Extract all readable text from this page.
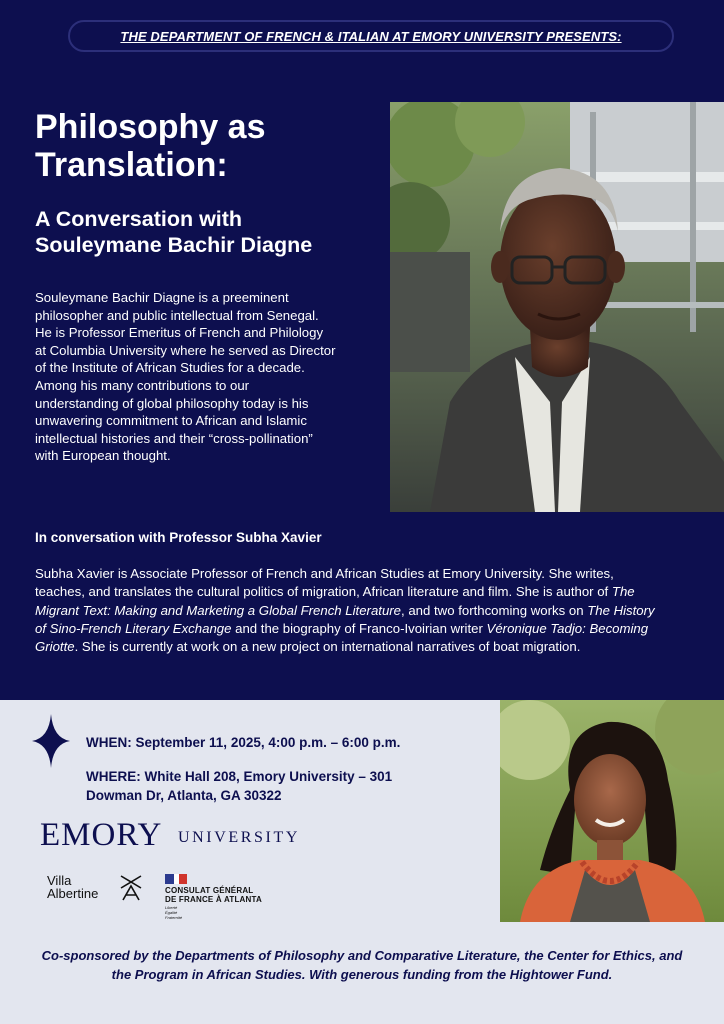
THE DEPARTMENT OF FRENCH & ITALIAN AT EMORY UNIVERSITY PRESENTS:
Philosophy as
Translation:
A Conversation with
Souleymane Bachir Diagne
Souleymane Bachir Diagne is a preeminent
philosopher and public intellectual from Senegal.
He is Professor Emeritus of French and Philology
at Columbia University where he served as Director
of the Institute of African Studies for a decade.
Among his many contributions to our
understanding of global philosophy today is his
unwavering commitment to African and Islamic
intellectual histories and their “cross-pollination”
with European thought.
In conversation with Professor Subha Xavier
Subha Xavier is Associate Professor of French and African Studies at Emory University. She writes, teaches, and translates the cultural politics of migration, African literature and film. She is author of The Migrant Text: Making and Marketing a Global French Literature, and two forthcoming works on The History of Sino-French Literary Exchange and the biography of Franco-Ivoirian writer Véronique Tadjo: Becoming Griotte. She is currently at work on a new project on international narratives of boat migration.
WHEN: September 11, 2025, 4:00 p.m. – 6:00 p.m.
WHERE: White Hall 208, Emory University – 301
Dowman Dr, Atlanta, GA 30322
EMORY UNIVERSITY
Villa
Albertine	CONSULAT GÉNÉRAL
DE FRANCE À ATLANTA
Liberté
Égalité
Fraternité
Co-sponsored by the Departments of Philosophy and Comparative Literature, the Center for Ethics, and the Program in African Studies. With generous funding from the Hightower Fund.
